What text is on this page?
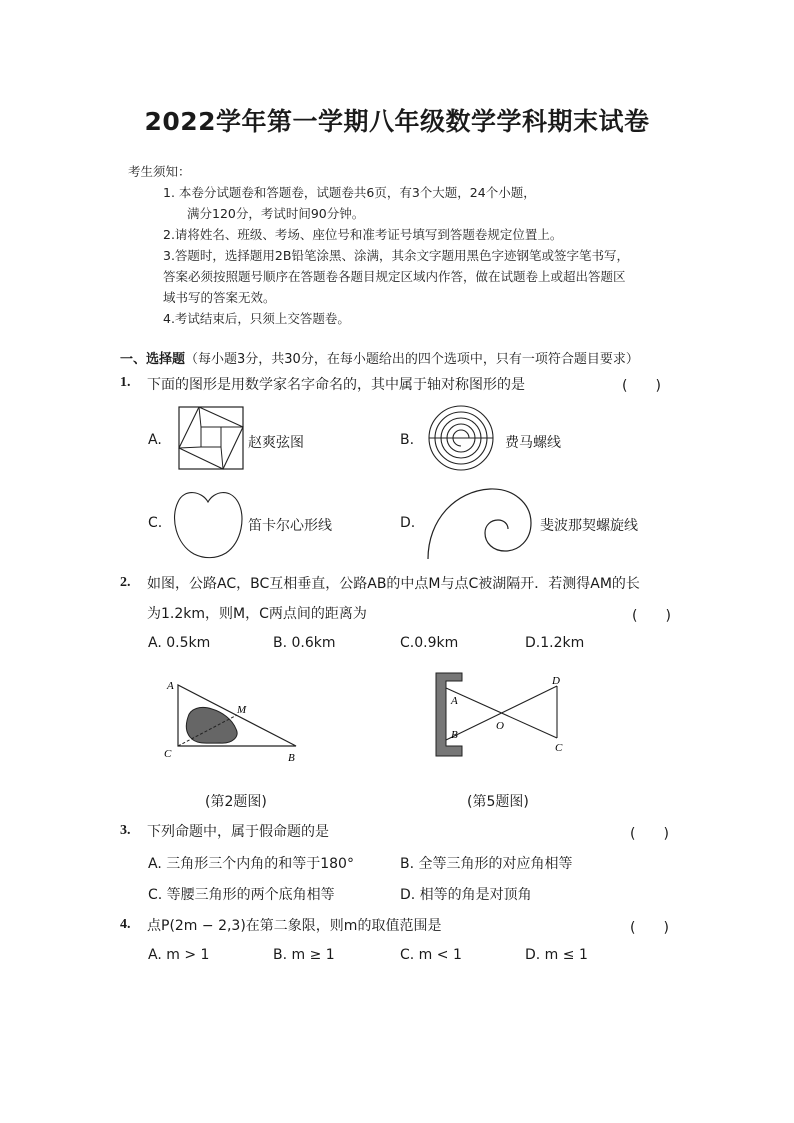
2022学年第一学期八年级数学学科期末试卷
考生须知：
1. 本卷分试题卷和答题卷，试题卷共6页，有3个大题，24个小题，
满分120分，考试时间90分钟。
2.请将姓名、班级、考场、座位号和准考证号填写到答题卷规定位置上。
3.答题时，选择题用2B铅笔涂黑、涂满，其余文字题用黑色字迹钢笔或签字笔书写，
答案必须按照题号顺序在答题卷各题目规定区域内作答，做在试题卷上或超出答题区
域书写的答案无效。
4.考试结束后，只须上交答题卷。
一、选择题（每小题3分，共30分，在每小题给出的四个选项中，只有一项符合题目要求）
1. 下面的图形是用数学家名字命名的，其中属于轴对称图形的是	(　　)
A.	赵爽弦图	B.	费马螺线
C.	笛卡尔心形线	D.	斐波那契螺旋线
2. 如图，公路AC，BC互相垂直，公路AB的中点M与点C被湖隔开．若测得AM的长
为1.2km，则M，C两点间的距离为	(　　)
A. 0.5km	B. 0.6km	C.0.9km	D.1.2km
A
M
C	B
(第2题图)
A
B
O
D
C
(第5题图)
3. 下列命题中，属于假命题的是	(　　)
A. 三角形三个内角的和等于180°	B. 全等三角形的对应角相等
C. 等腰三角形的两个底角相等	D. 相等的角是对顶角
4. 点P(2m − 2,3)在第二象限，则m的取值范围是	(　　)
A. m > 1	B. m ≥ 1	C. m < 1	D. m ≤ 1
